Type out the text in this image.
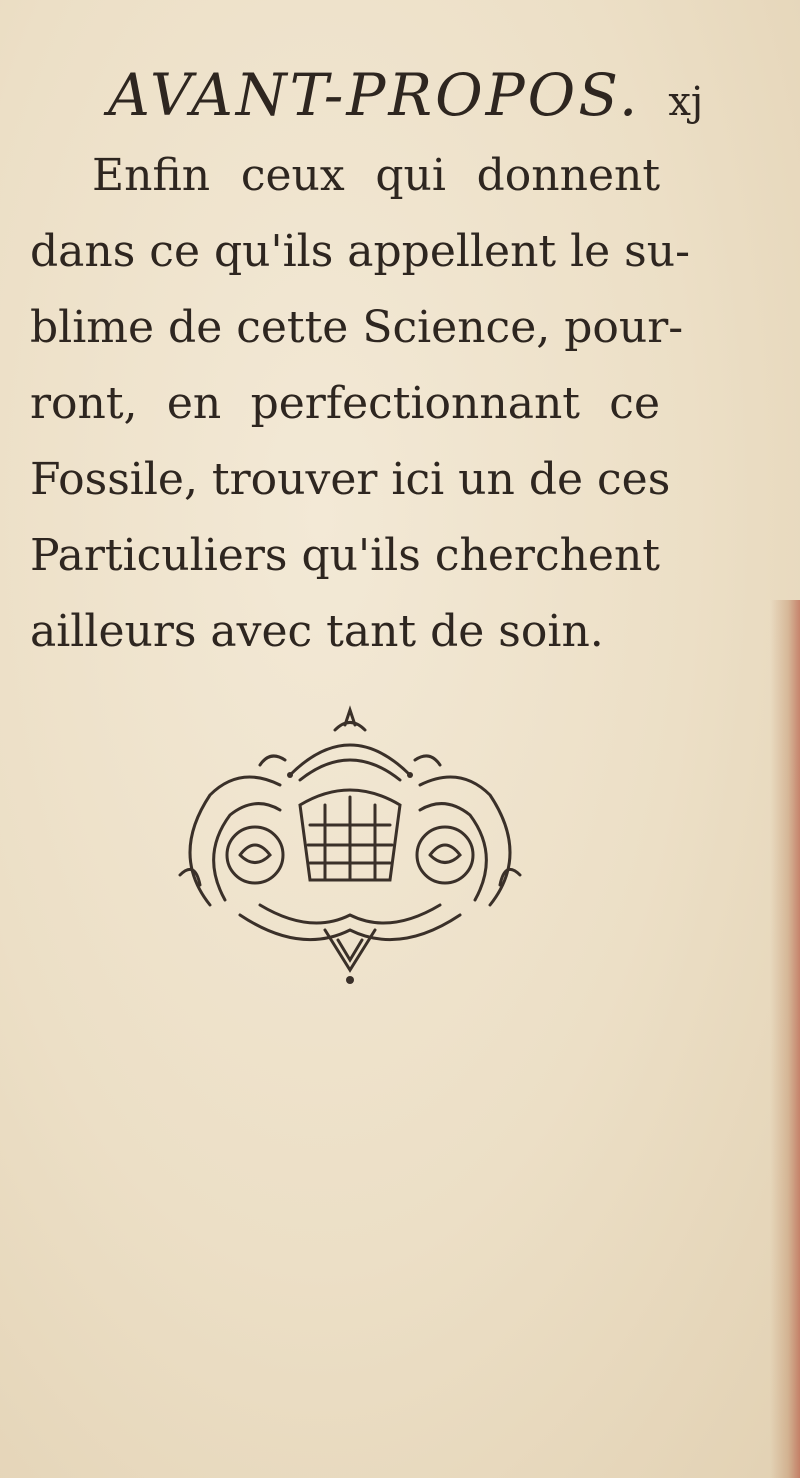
AVANT-PROPOS. xj
Enfin ceux qui donnent
dans ce qu'ils appellent le su-
blime de cette Science, pour-
ront, en perfectionnant ce
Fossile, trouver ici un de ces
Particuliers qu'ils cherchent
ailleurs avec tant de soin.
